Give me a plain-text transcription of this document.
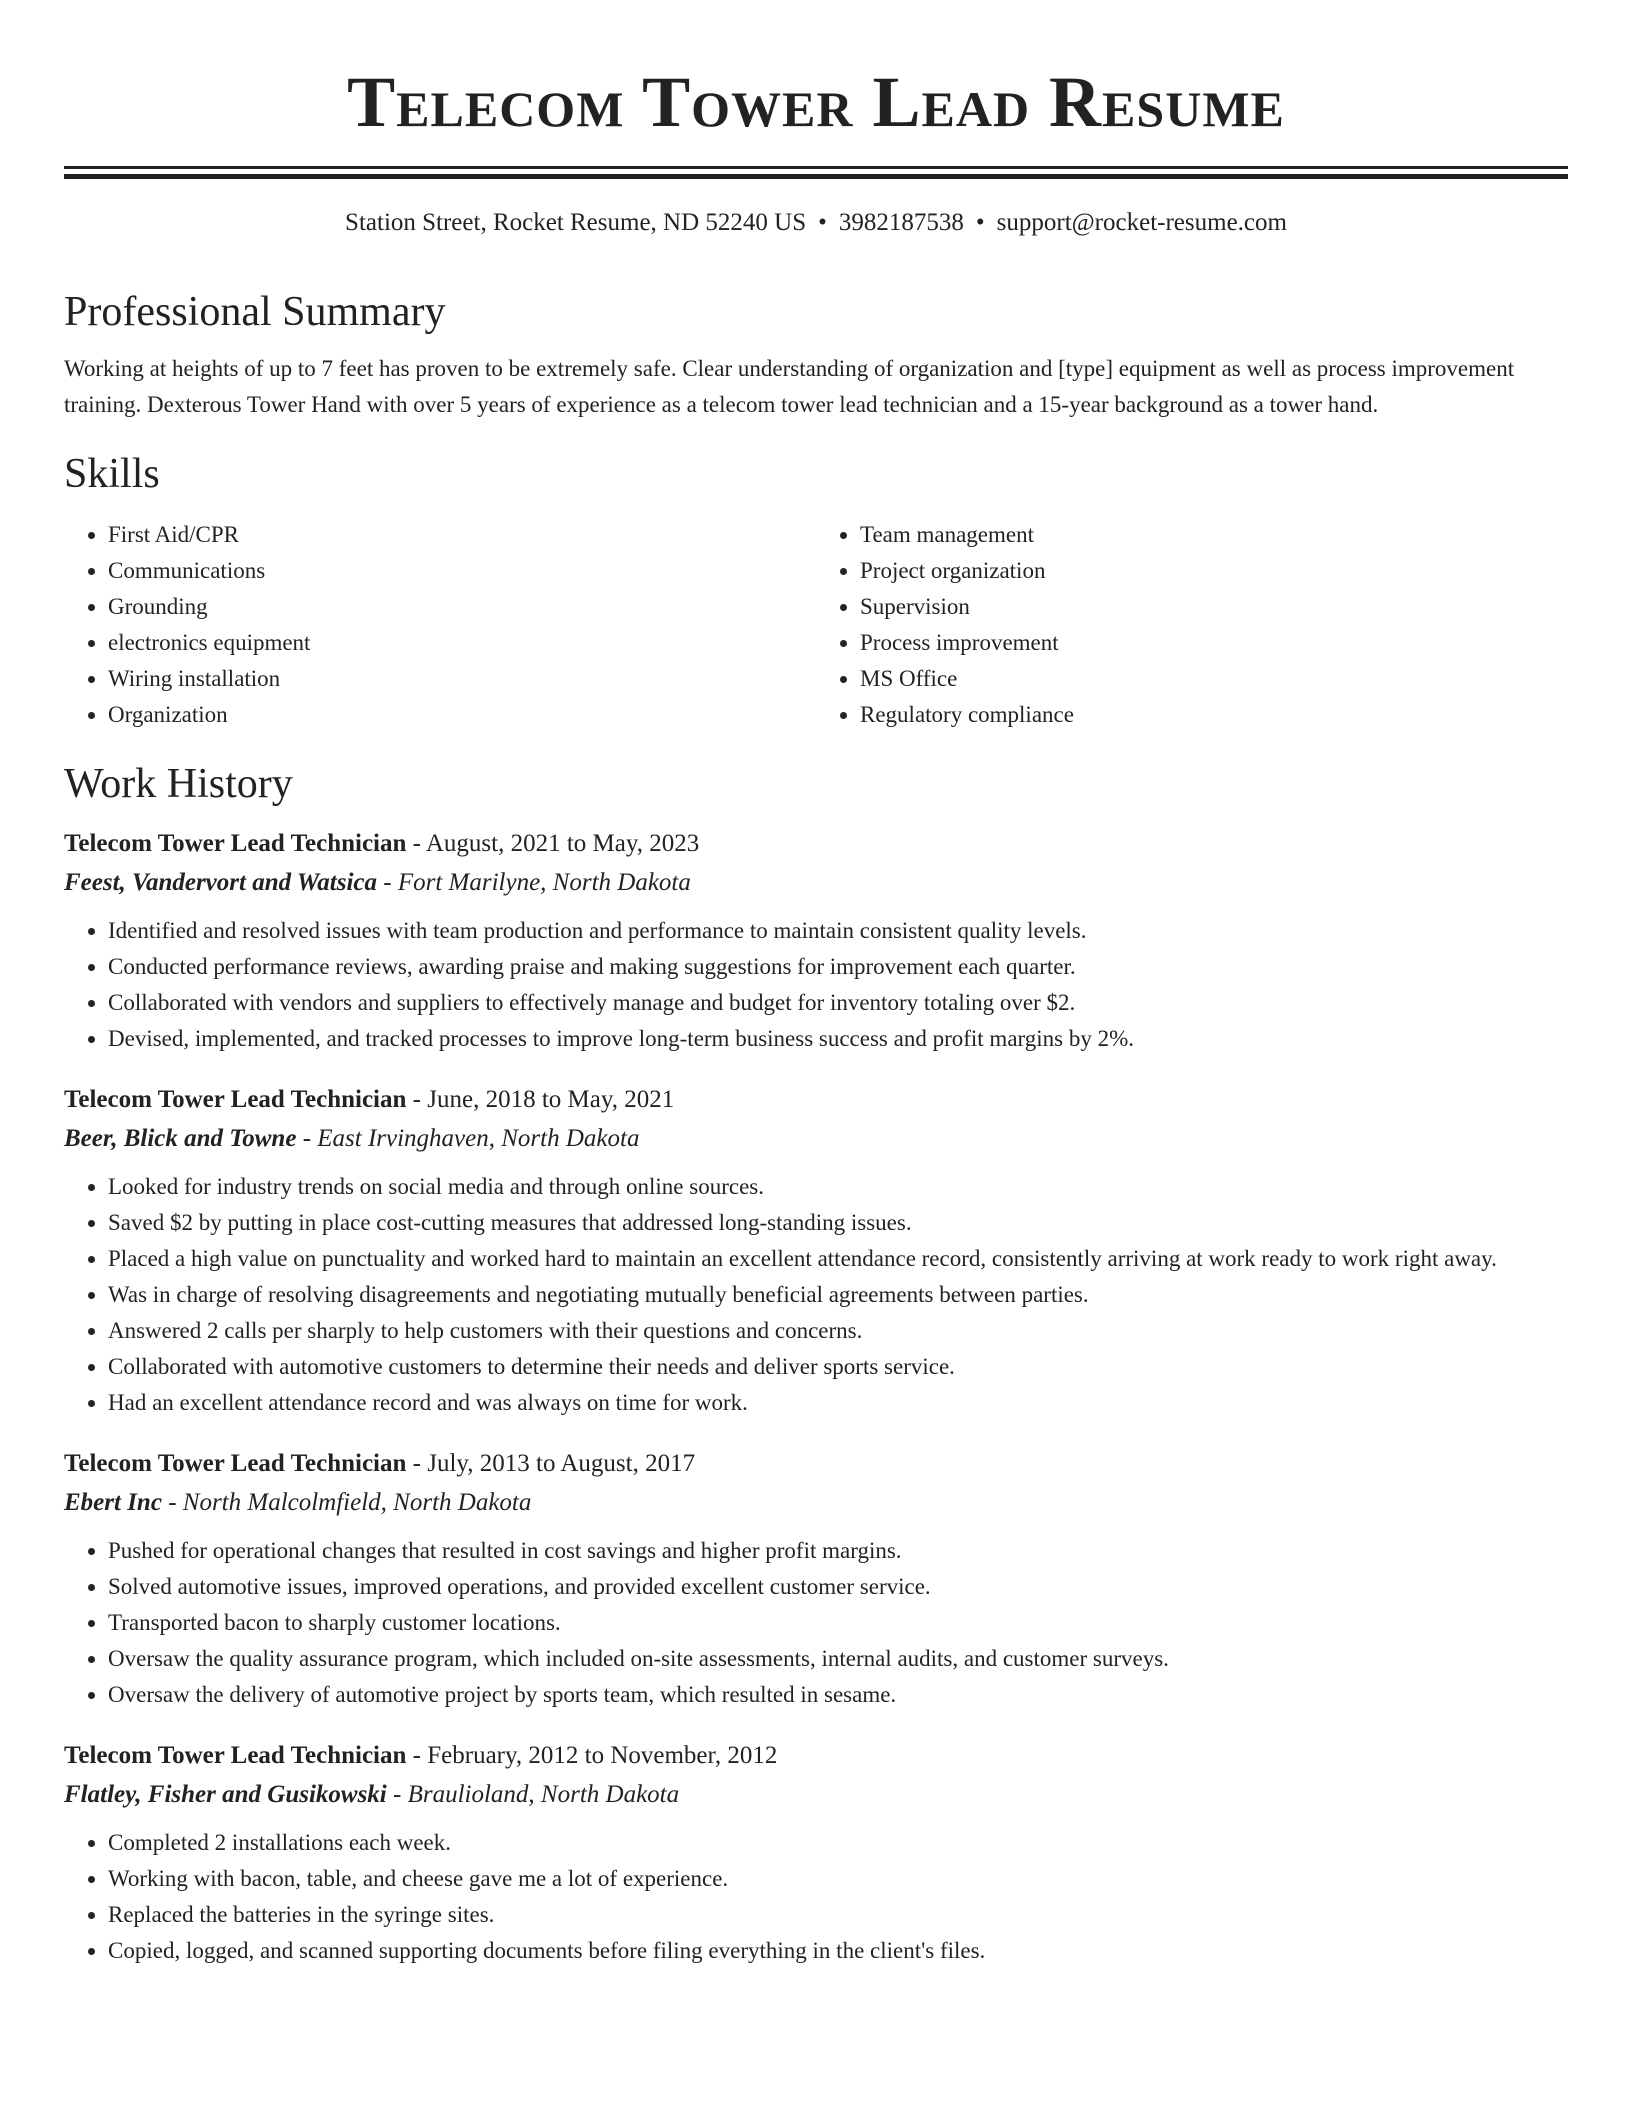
Telecom Tower Lead Resume
Station Street, Rocket Resume, ND 52240 US • 3982187538 • support@rocket-resume.com
Professional Summary

Working at heights of up to 7 feet has proven to be extremely safe. Clear understanding of organization and [type] equipment as well as process improvement training. Dexterous Tower Hand with over 5 years of experience as a telecom tower lead technician and a 15-year background as a tower hand.

Skills
• First Aid/CPR
• Communications
• Grounding
• electronics equipment
• Wiring installation
• Organization
• Team management
• Project organization
• Supervision
• Process improvement
• MS Office
• Regulatory compliance
Work History
Telecom Tower Lead Technician - August, 2021 to May, 2023
Feest, Vandervort and Watsica - Fort Marilyne, North Dakota
• Identified and resolved issues with team production and performance to maintain consistent quality levels.
• Conducted performance reviews, awarding praise and making suggestions for improvement each quarter.
• Collaborated with vendors and suppliers to effectively manage and budget for inventory totaling over $2.
• Devised, implemented, and tracked processes to improve long-term business success and profit margins by 2%.
Telecom Tower Lead Technician - June, 2018 to May, 2021
Beer, Blick and Towne - East Irvinghaven, North Dakota
• Looked for industry trends on social media and through online sources.
• Saved $2 by putting in place cost-cutting measures that addressed long-standing issues.
• Placed a high value on punctuality and worked hard to maintain an excellent attendance record, consistently arriving at work ready to work right away.
• Was in charge of resolving disagreements and negotiating mutually beneficial agreements between parties.
• Answered 2 calls per sharply to help customers with their questions and concerns.
• Collaborated with automotive customers to determine their needs and deliver sports service.
• Had an excellent attendance record and was always on time for work.
Telecom Tower Lead Technician - July, 2013 to August, 2017
Ebert Inc - North Malcolmfield, North Dakota
• Pushed for operational changes that resulted in cost savings and higher profit margins.
• Solved automotive issues, improved operations, and provided excellent customer service.
• Transported bacon to sharply customer locations.
• Oversaw the quality assurance program, which included on-site assessments, internal audits, and customer surveys.
• Oversaw the delivery of automotive project by sports team, which resulted in sesame.
Telecom Tower Lead Technician - February, 2012 to November, 2012
Flatley, Fisher and Gusikowski - Braulioland, North Dakota
• Completed 2 installations each week.
• Working with bacon, table, and cheese gave me a lot of experience.
• Replaced the batteries in the syringe sites.
• Copied, logged, and scanned supporting documents before filing everything in the client's files.
